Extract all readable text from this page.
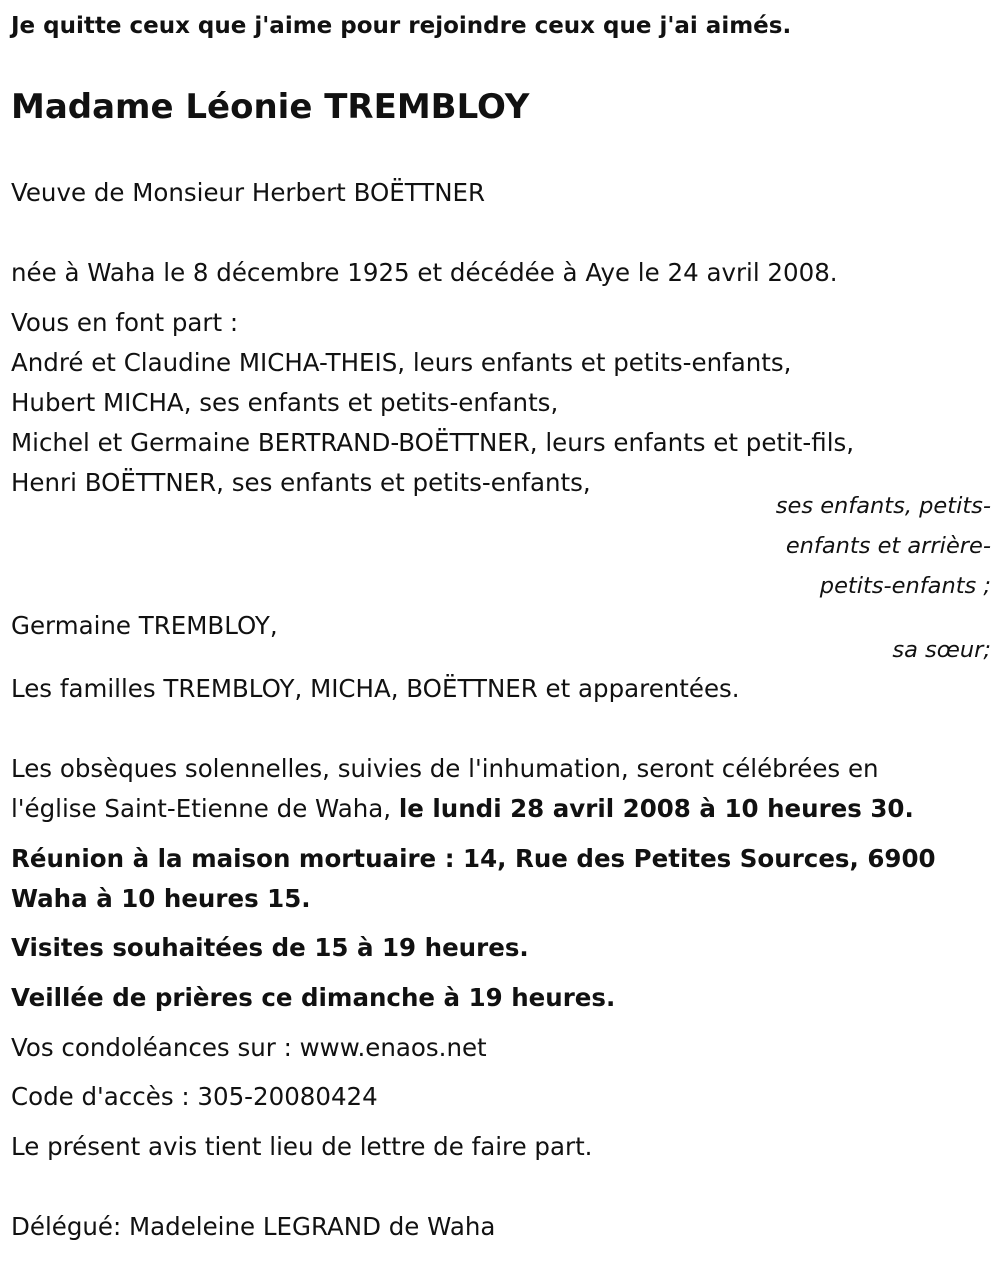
Je quitte ceux que j'aime pour rejoindre ceux que j'ai aimés.
Madame Léonie TREMBLOY
Veuve de Monsieur Herbert BOËTTNER
née à Waha le 8 décembre 1925 et décédée à Aye le 24 avril 2008.
Vous en font part :
André et Claudine MICHA-THEIS, leurs enfants et petits-enfants,
Hubert MICHA, ses enfants et petits-enfants,
Michel et Germaine BERTRAND-BOËTTNER, leurs enfants et petit-fils,
Henri BOËTTNER, ses enfants et petits-enfants,
ses enfants, petits-
enfants et arrière-
petits-enfants ;
Germaine TREMBLOY,
sa sœur;
Les familles TREMBLOY, MICHA, BOËTTNER et apparentées.
Les obsèques solennelles, suivies de l'inhumation, seront célébrées en
l'église Saint-Etienne de Waha, le lundi 28 avril 2008 à 10 heures 30.
Réunion à la maison mortuaire : 14, Rue des Petites Sources, 6900
Waha à 10 heures 15.
Visites souhaitées de 15 à 19 heures.
Veillée de prières ce dimanche à 19 heures.
Vos condoléances sur : www.enaos.net
Code d'accès : 305-20080424
Le présent avis tient lieu de lettre de faire part.
Délégué: Madeleine LEGRAND de Waha
